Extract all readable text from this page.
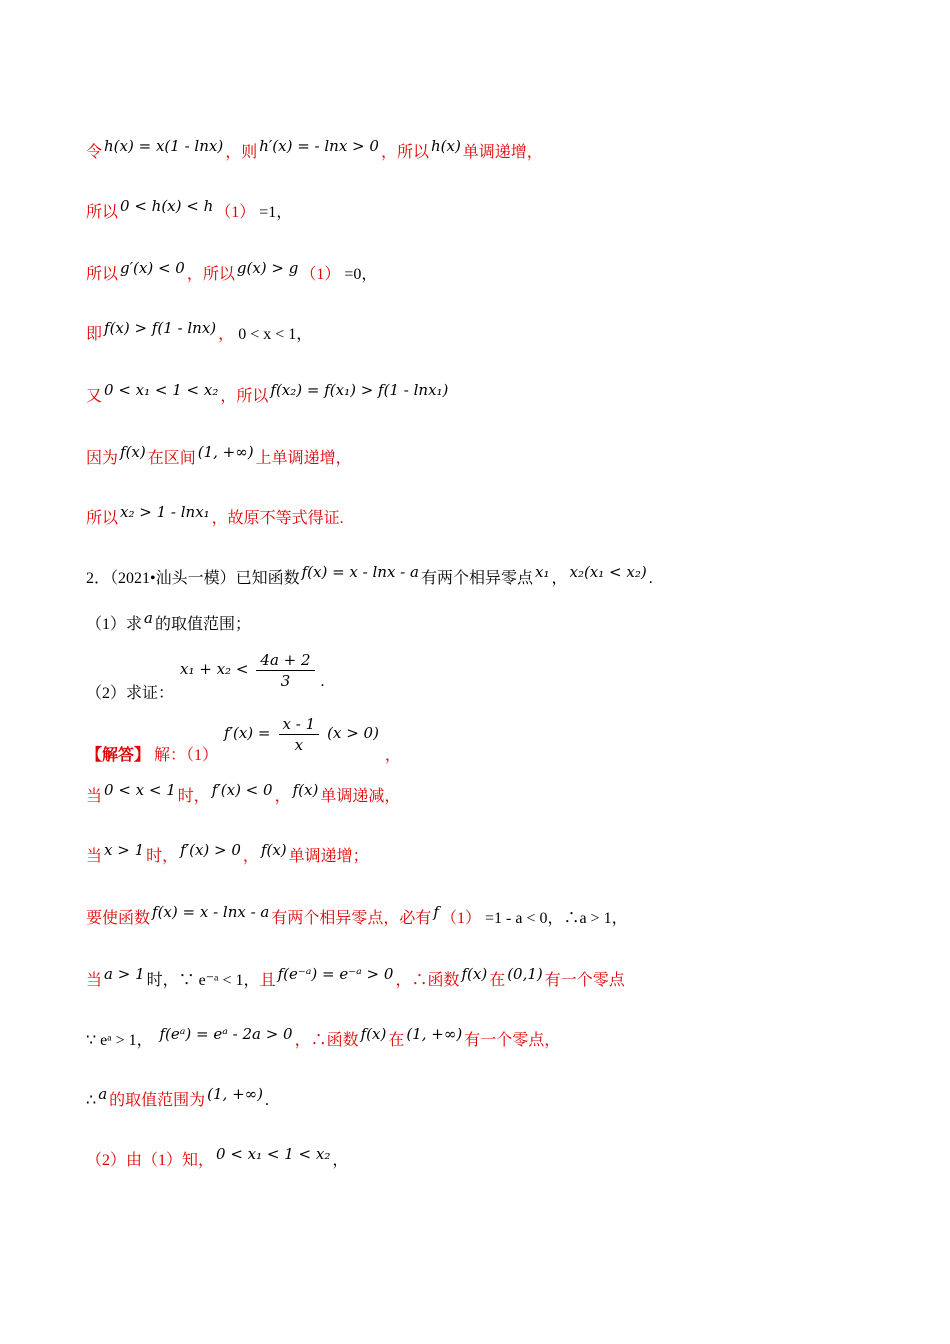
（2）求证： $x_1 + x_2 < \frac{4a + 2}{3}$ .
【解答】 解：（1） $f'(x) = \frac{x - 1}{x} (x > 0)$ ，
令 h(x) = x(1 - lnx) ，则 h′(x) = - lnx > 0 ，所以 h(x) 单调递增，
所以 0 < h(x) < h （1） =1，
所以 g′(x) < 0 ，所以 g(x) > g （1） =0，
即 f(x) > f(1 - lnx) ， 0 < x < 1，
又 0 < x₁ < 1 < x₂ ，所以 f(x₂) = f(x₁) > f(1 - lnx₁)
因为 f(x) 在区间 (1, +∞) 上单调递增，
所以 x₂ > 1 - lnx₁ ，故原不等式得证.
2．（2021•汕头一模）已知函数 f(x) = x - lnx - a 有两个相异零点 x₁ ， x₂(x₁ < x₂) .
（1）求 a 的取值范围；
当 0 < x < 1 时， f′(x) < 0 ， f(x) 单调递减，
当 x > 1 时， f′(x) > 0 ， f(x) 单调递增；
要使函数 f(x) = x - lnx - a 有两个相异零点，必有 f （1） =1 - a < 0，∴a > 1，
当 a > 1 时，∵ e⁻ᵃ < 1，且 f(e⁻ᵃ) = e⁻ᵃ > 0 ，∴函数 f(x) 在 (0,1) 有一个零点
∵ eᵃ > 1， f(eᵃ) = eᵃ - 2a > 0 ，∴函数 f(x) 在 (1, +∞) 有一个零点，
∴ a 的取值范围为 (1, +∞) .
（2）由（1）知， 0 < x₁ < 1 < x₂ ，
